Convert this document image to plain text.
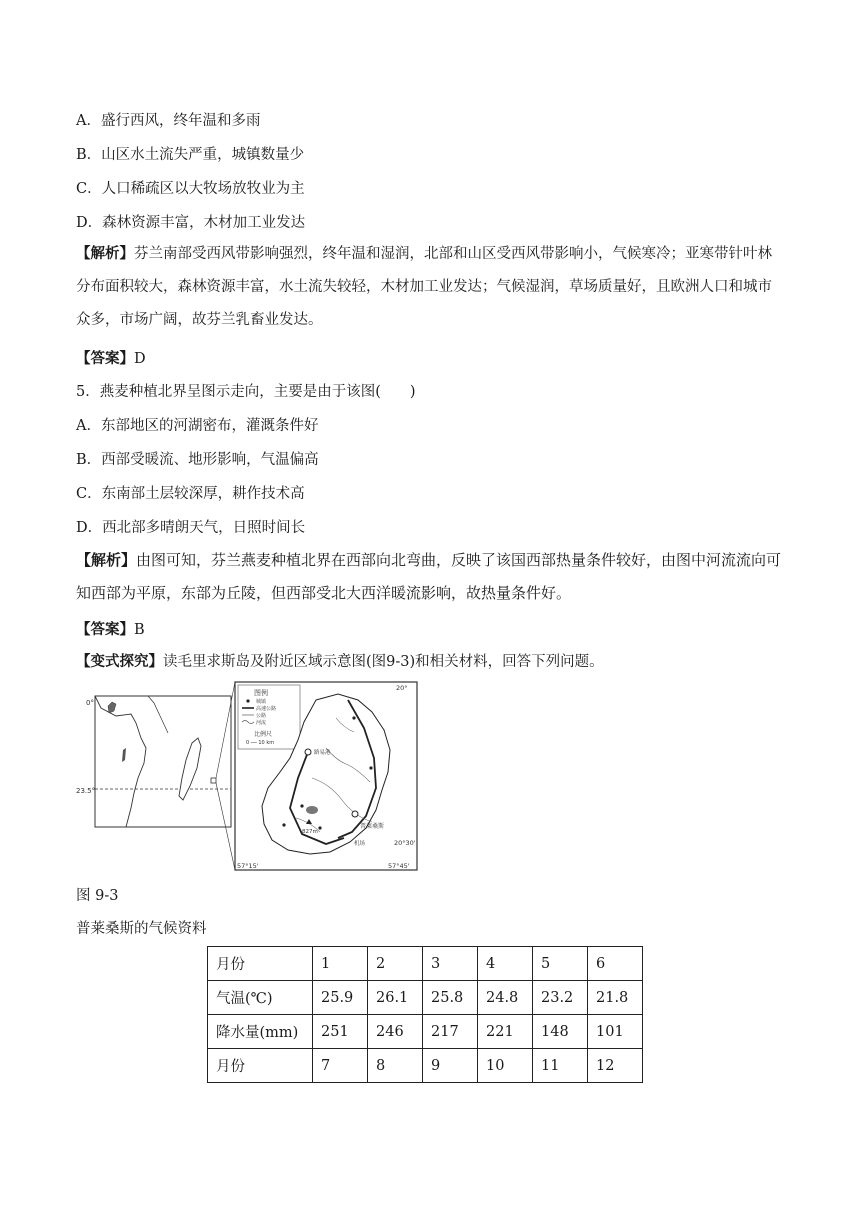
A．盛行西风，终年温和多雨
B．山区水土流失严重，城镇数量少
C．人口稀疏区以大牧场放牧业为主
D．森林资源丰富，木材加工业发达
【解析】芬兰南部受西风带影响强烈，终年温和湿润，北部和山区受西风带影响小，气候寒冷；亚寒带针叶林分布面积较大，森林资源丰富，水土流失较轻，木材加工业发达；气候湿润，草场质量好，且欧洲人口和城市众多，市场广阔，故芬兰乳畜业发达。
【答案】D
5．燕麦种植北界呈图示走向，主要是由于该图(　　)
A．东部地区的河湖密布，灌溉条件好
B．西部受暖流、地形影响，气温偏高
C．东南部土层较深厚，耕作技术高
D．西北部多晴朗天气，日照时间长
【解析】由图可知，芬兰燕麦种植北界在西部向北弯曲，反映了该国西部热量条件较好，由图中河流流向可知西部为平原，东部为丘陵，但西部受北大西洋暖流影响，故热量条件好。
【答案】B
【变式探究】读毛里求斯岛及附近区域示意图(图9-3)和相关材料，回答下列问题。
0°
23.5°
图例
城镇
高速公路
公路
河流
比例尺
0 ── 10 km
20°
20°30'
57°15'	57°45'
路易港
普莱桑斯
机场
827m
图 9-3
普莱桑斯的气候资料
月份	1	2	3	4	5	6
气温(℃)	25.9	26.1	25.8	24.8	23.2	21.8
降水量(mm)	251	246	217	221	148	101
月份	7	8	9	10	11	12
